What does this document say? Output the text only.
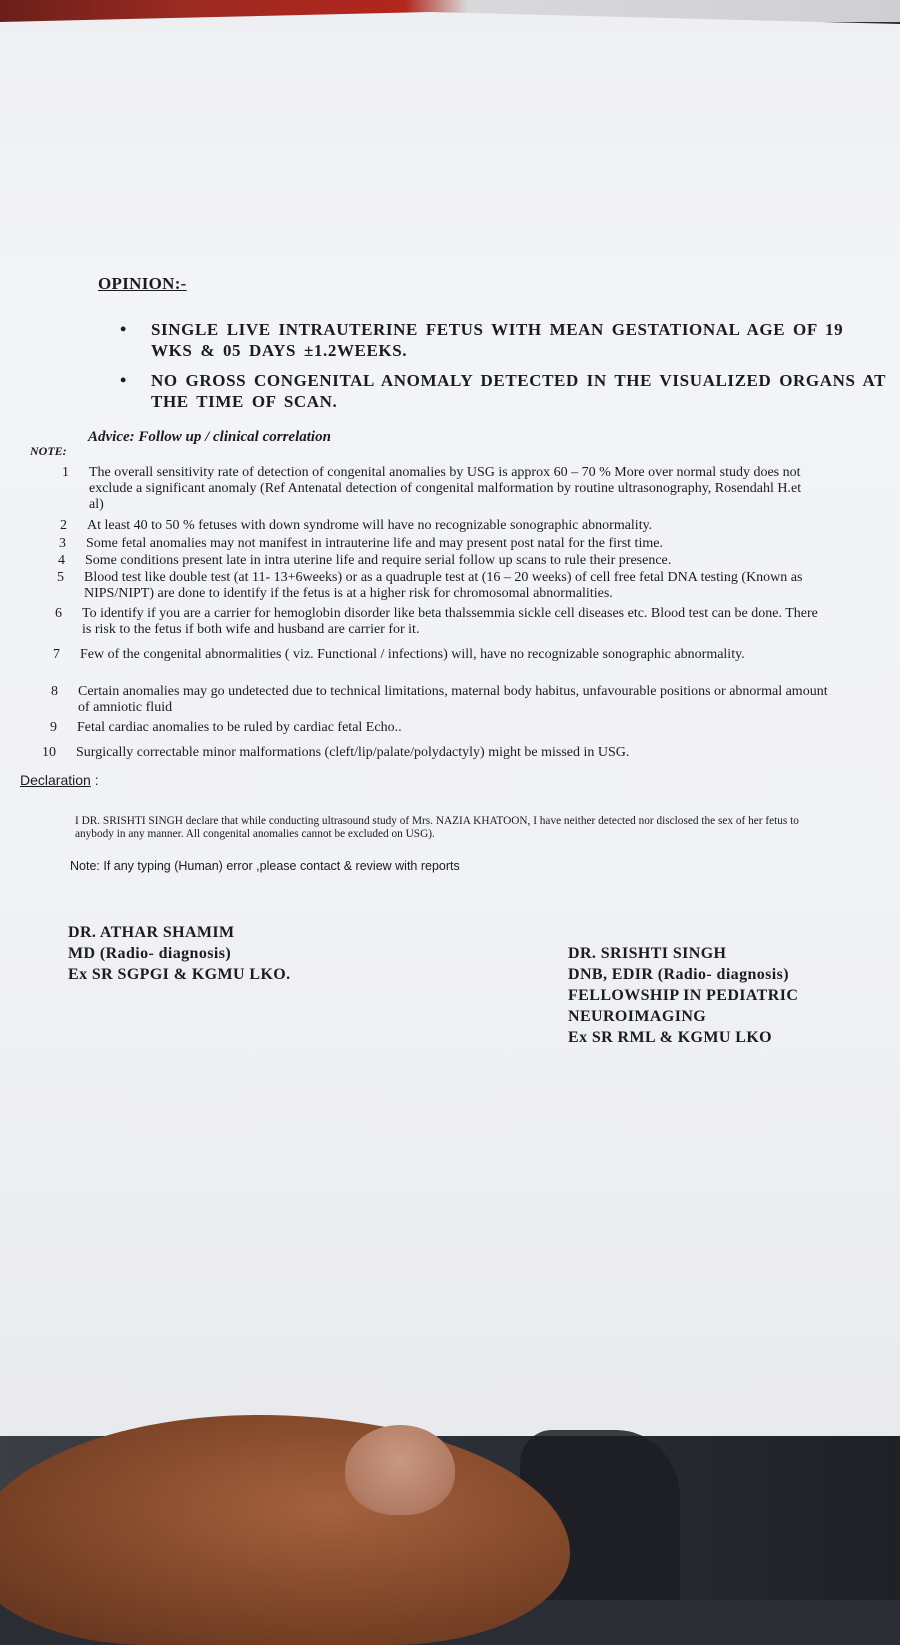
OPINION:-
• SINGLE LIVE INTRAUTERINE FETUS WITH MEAN GESTATIONAL AGE OF 19 WKS & 05 DAYS ±1.2WEEKS.
• NO GROSS CONGENITAL ANOMALY DETECTED IN THE VISUALIZED ORGANS AT THE TIME OF SCAN.
Advice: Follow up / clinical correlation
NOTE:
1 The overall sensitivity rate of detection of congenital anomalies by USG is approx 60 – 70 % More over normal study does not exclude a significant anomaly (Ref Antenatal detection of congenital malformation by routine ultrasonography, Rosendahl H.et al)
2 At least 40 to 50 % fetuses with down syndrome will have no recognizable sonographic abnormality.
3 Some fetal anomalies may not manifest in intrauterine life and may present post natal for the first time.
4 Some conditions present late in intra uterine life and require serial follow up scans to rule their presence.
5 Blood test like double test (at 11- 13+6weeks) or as a quadruple test at (16 – 20 weeks) of cell free fetal DNA testing (Known as NIPS/NIPT) are done to identify if the fetus is at a higher risk for chromosomal abnormalities.
6 To identify if you are a carrier for hemoglobin disorder like beta thalssemmia sickle cell diseases etc. Blood test can be done. There is risk to the fetus if both wife and husband are carrier for it.
7 Few of the congenital abnormalities ( viz. Functional / infections) will, have no recognizable sonographic abnormality.
8 Certain anomalies may go undetected due to technical limitations, maternal body habitus, unfavourable positions or abnormal amount of amniotic fluid
9 Fetal cardiac anomalies to be ruled by cardiac fetal Echo..
10 Surgically correctable minor malformations (cleft/lip/palate/polydactyly) might be missed in USG.
Declaration :
I DR. SRISHTI SINGH declare that while conducting ultrasound study of Mrs. NAZIA KHATOON, I have neither detected nor disclosed the sex of her fetus to anybody in any manner. All congenital anomalies cannot be excluded on USG).
Note: If any typing (Human) error ,please contact & review with reports
DR. ATHAR SHAMIM
MD (Radio- diagnosis)
Ex SR SGPGI & KGMU LKO.
DR. SRISHTI SINGH
DNB, EDIR (Radio- diagnosis)
FELLOWSHIP IN PEDIATRIC
NEUROIMAGING
Ex SR RML & KGMU LKO
